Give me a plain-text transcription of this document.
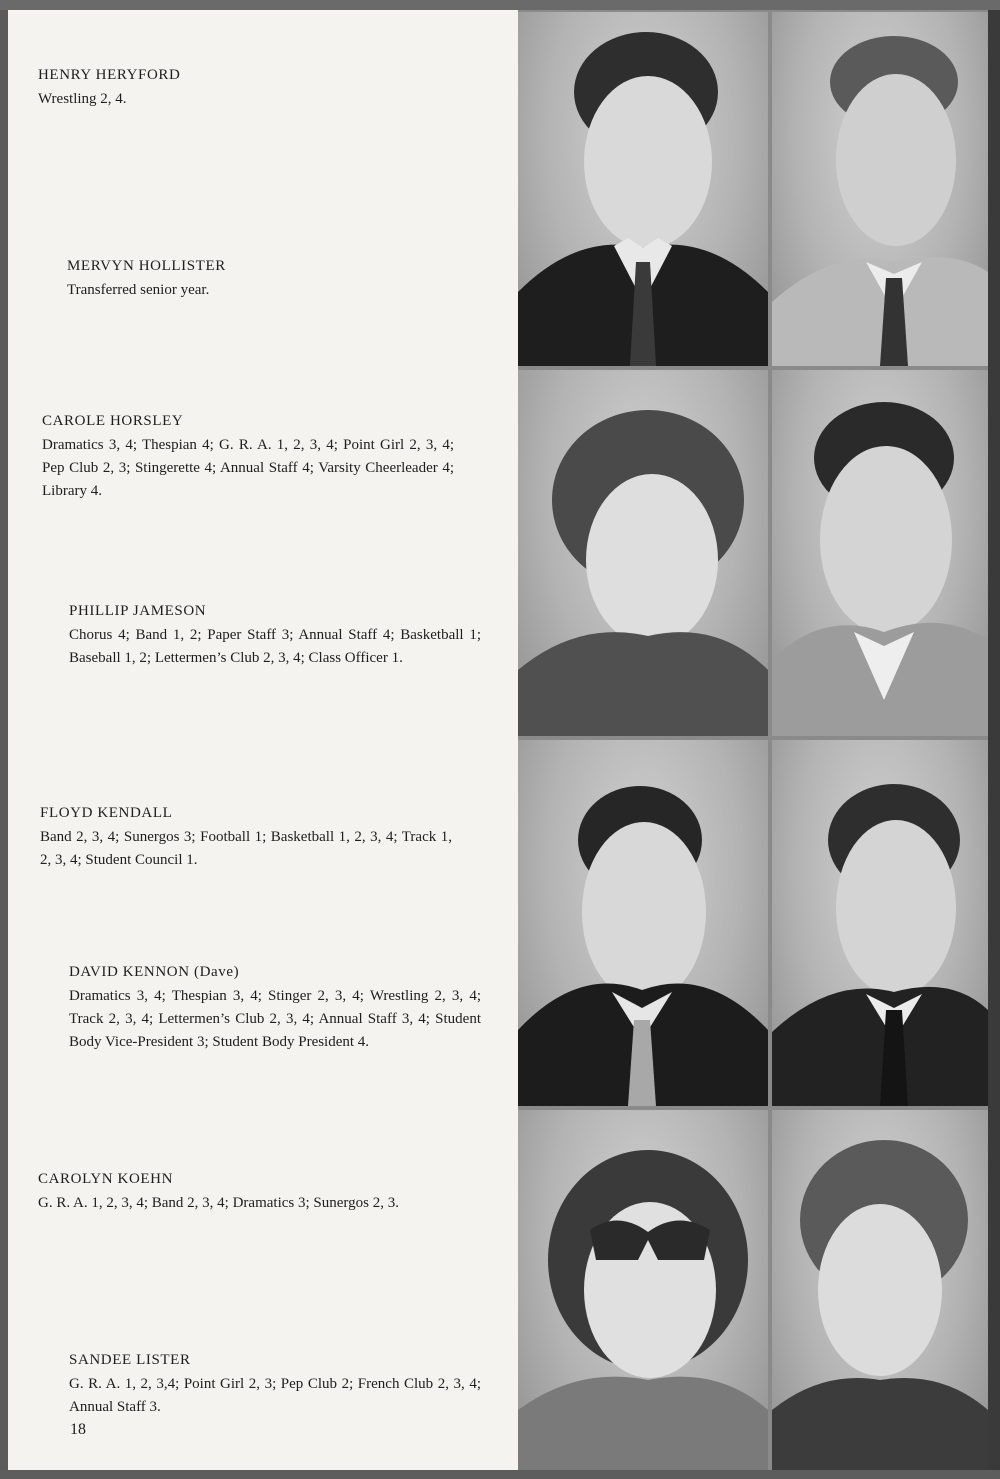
HENRY HERYFORD
Wrestling 2, 4.
MERVYN HOLLISTER
Transferred senior year.
CAROLE HORSLEY
Dramatics 3, 4; Thespian 4; G. R. A. 1, 2, 3, 4; Point Girl 2, 3, 4; Pep Club 2, 3; Stingerette 4; Annual Staff 4; Varsity Cheerleader 4; Library 4.
PHILLIP JAMESON
Chorus 4; Band 1, 2; Paper Staff 3; Annual Staff 4; Basketball 1; Baseball 1, 2; Lettermen’s Club 2, 3, 4; Class Officer 1.
FLOYD KENDALL
Band 2, 3, 4; Sunergos 3; Football 1; Basketball 1, 2, 3, 4; Track 1, 2, 3, 4; Student Council 1.
DAVID KENNON (Dave)
Dramatics 3, 4; Thespian 3, 4; Stinger 2, 3, 4; Wrestling 2, 3, 4; Track 2, 3, 4; Lettermen’s Club 2, 3, 4; Annual Staff 3, 4; Student Body Vice-President 3; Student Body President 4.
CAROLYN KOEHN
G. R. A. 1, 2, 3, 4; Band 2, 3, 4; Dramatics 3; Sunergos 2, 3.
SANDEE LISTER
G. R. A. 1, 2, 3,4; Point Girl 2, 3; Pep Club 2; French Club 2, 3, 4; Annual Staff 3.
18
